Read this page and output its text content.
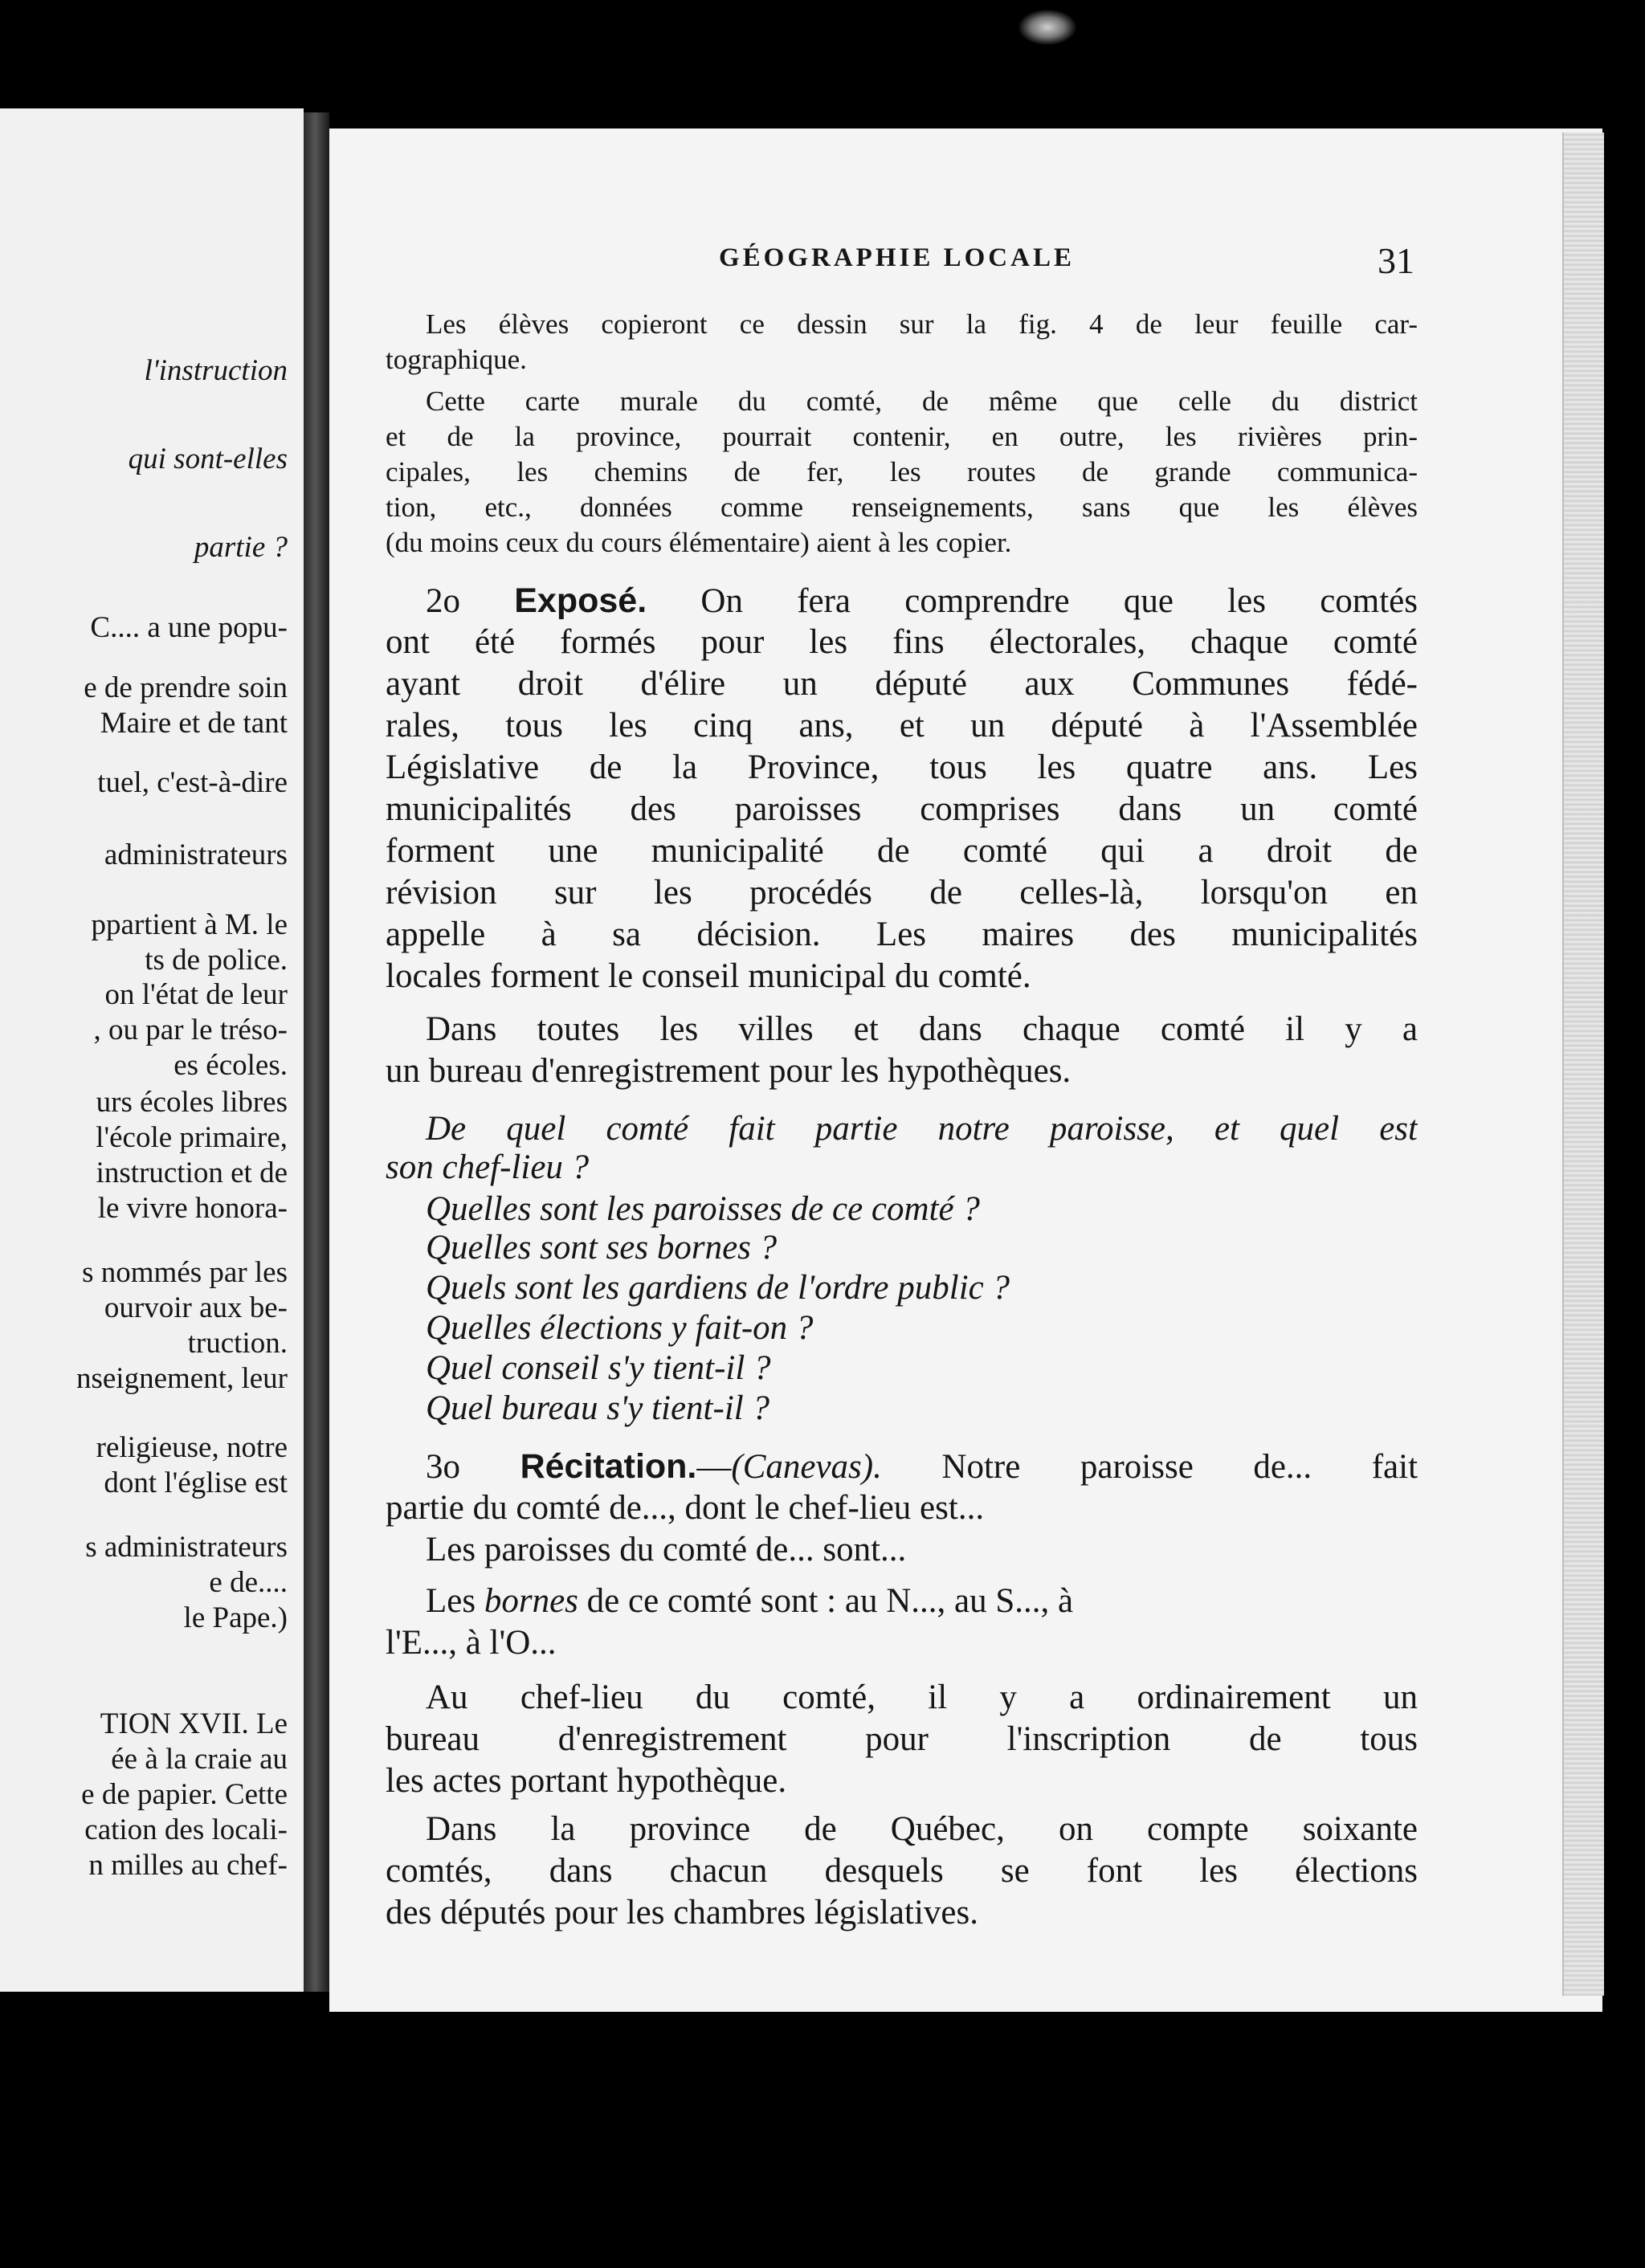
l'instruction
qui sont-elles
partie ?
C.... a une popu-
e de prendre soin
Maire et de tant
tuel, c'est-à-dire
administrateurs
ppartient à M. le
ts de police.
on l'état de leur
, ou par le tréso-
es écoles.
urs écoles libres
l'école primaire,
instruction et de
le vivre honora-
s nommés par les
ourvoir aux be-
truction.
nseignement, leur
religieuse, notre
dont l'église est
s administrateurs
e de....
le Pape.)
TION XVII. Le
ée à la craie au
e de papier. Cette
cation des locali-
n milles au chef-
GÉOGRAPHIE LOCALE	31
Les élèves copieront ce dessin sur la fig. 4 de leur feuille car-
tographique.
Cette carte murale du comté, de même que celle du district
et de la province, pourrait contenir, en outre, les rivières prin-
cipales, les chemins de fer, les routes de grande communica-
tion, etc., données comme renseignements, sans que les élèves
(du moins ceux du cours élémentaire) aient à les copier.
2o Exposé. On fera comprendre que les comtés
ont été formés pour les fins électorales, chaque comté
ayant droit d'élire un député aux Communes fédé-
rales, tous les cinq ans, et un député à l'Assemblée
Législative de la Province, tous les quatre ans. Les
municipalités des paroisses comprises dans un comté
forment une municipalité de comté qui a droit de
révision sur les procédés de celles-là, lorsqu'on en
appelle à sa décision. Les maires des municipalités
locales forment le conseil municipal du comté.
Dans toutes les villes et dans chaque comté il y a
un bureau d'enregistrement pour les hypothèques.
De quel comté fait partie notre paroisse, et quel est
son chef-lieu ?
Quelles sont les paroisses de ce comté ?
Quelles sont ses bornes ?
Quels sont les gardiens de l'ordre public ?
Quelles élections y fait-on ?
Quel conseil s'y tient-il ?
Quel bureau s'y tient-il ?
3o Récitation.—(Canevas). Notre paroisse de... fait
partie du comté de..., dont le chef-lieu est...
Les paroisses du comté de... sont...
Les bornes de ce comté sont : au N..., au S..., à
l'E..., à l'O...
Au chef-lieu du comté, il y a ordinairement un
bureau d'enregistrement pour l'inscription de tous
les actes portant hypothèque.
Dans la province de Québec, on compte soixante
comtés, dans chacun desquels se font les élections
des députés pour les chambres législatives.
